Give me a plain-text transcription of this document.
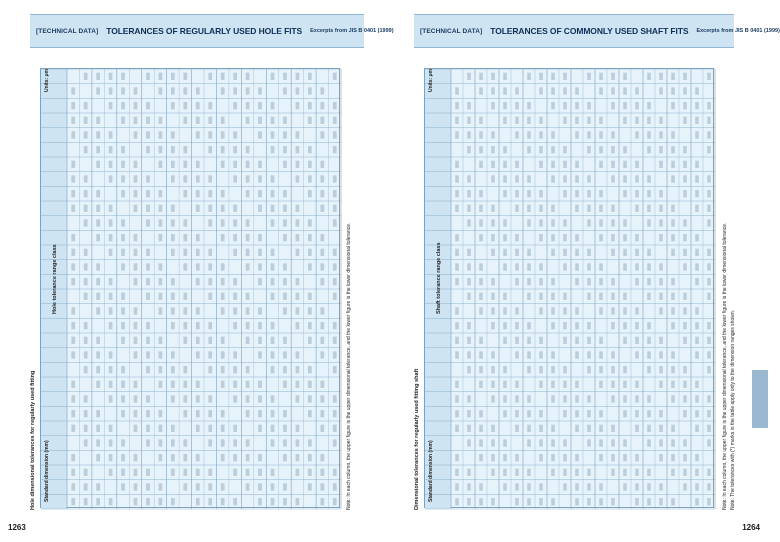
[TECHNICAL DATA] TOLERANCES OF REGULARLY USED HOLE FITS Excerpts from JIS B 0401 (1999)
Hole dimensional tolerances for regularly used fitting	Note: In each column, the upper figure is the upper dimensional tolerance, and the lower figure is the lower dimensional tolerance.
Hole tolerance range class
Standard dimension (mm)
Units: μm
1263
[TECHNICAL DATA] TOLERANCES OF COMMONLY USED SHAFT FITS Excerpts from JIS B 0401 (1999)
Dimensional tolerances for regularly used fitting shaft	Note: In each column, the upper figure is the upper dimensional tolerance, and the lower figure is the lower dimensional tolerance. Note: The tolerances with (*) marks in the table apply only to the dimension ranges shown.
Shaft tolerance range class
Standard dimension (mm)
Units: μm
1264
